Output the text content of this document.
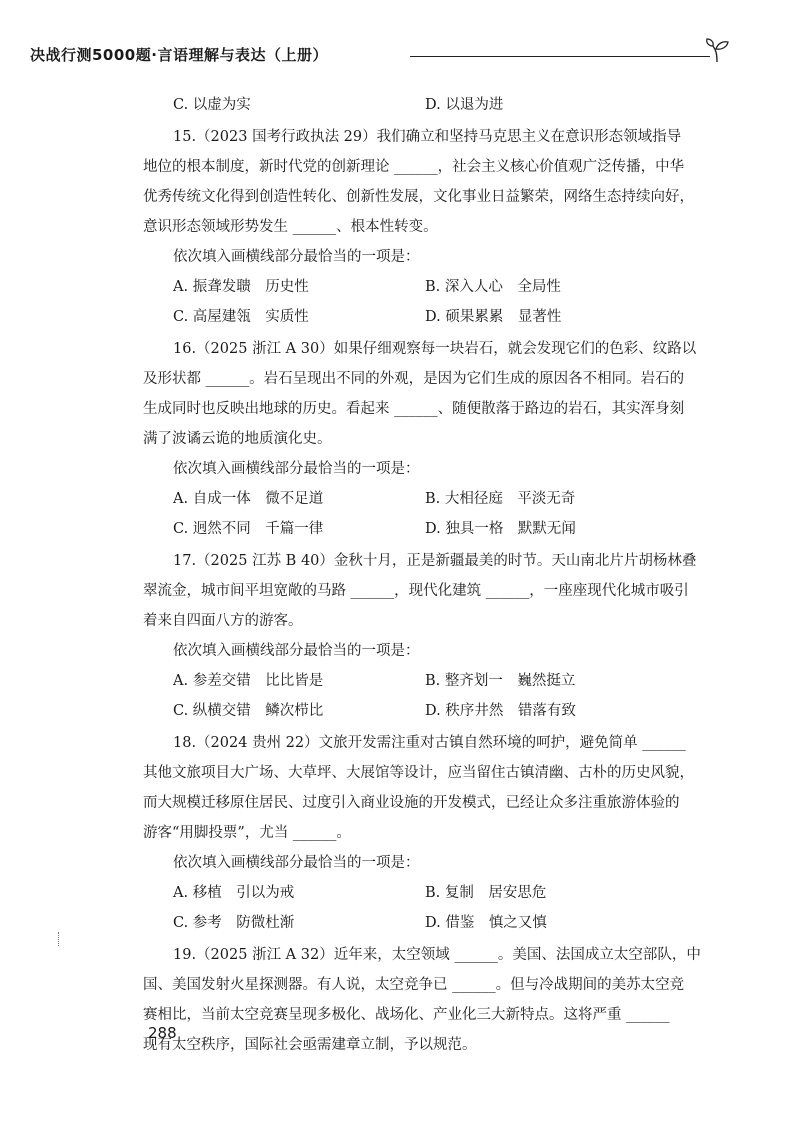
决战行测5000题·言语理解与表达（上册）
C. 以虚为实	D. 以退为进

15.（2023 国考行政执法 29）我们确立和坚持马克思主义在意识形态领域指导

地位的根本制度，新时代党的创新理论 ______，社会主义核心价值观广泛传播，中华

优秀传统文化得到创造性转化、创新性发展，文化事业日益繁荣，网络生态持续向好，

意识形态领域形势发生 ______、根本性转变。

依次填入画横线部分最恰当的一项是：
A. 振聋发聩　历史性	B. 深入人心　全局性
C. 高屋建瓴　实质性	D. 硕果累累　显著性

16.（2025 浙江 A 30）如果仔细观察每一块岩石，就会发现它们的色彩、纹路以

及形状都 ______。岩石呈现出不同的外观，是因为它们生成的原因各不相同。岩石的

生成同时也反映出地球的历史。看起来 ______、随便散落于路边的岩石，其实浑身刻

满了波谲云诡的地质演化史。

依次填入画横线部分最恰当的一项是：
A. 自成一体　微不足道	B. 大相径庭　平淡无奇
C. 迥然不同　千篇一律	D. 独具一格　默默无闻

17.（2025 江苏 B 40）金秋十月，正是新疆最美的时节。天山南北片片胡杨林叠

翠流金，城市间平坦宽敞的马路 ______，现代化建筑 ______，一座座现代化城市吸引

着来自四面八方的游客。

依次填入画横线部分最恰当的一项是：
A. 参差交错　比比皆是	B. 整齐划一　巍然挺立
C. 纵横交错　鳞次栉比	D. 秩序井然　错落有致

18.（2024 贵州 22）文旅开发需注重对古镇自然环境的呵护，避免简单 ______

其他文旅项目大广场、大草坪、大展馆等设计，应当留住古镇清幽、古朴的历史风貌，

而大规模迁移原住居民、过度引入商业设施的开发模式，已经让众多注重旅游体验的

游客“用脚投票”，尤当 ______。

依次填入画横线部分最恰当的一项是：
A. 移植　引以为戒	B. 复制　居安思危
C. 参考　防微杜渐	D. 借鉴　慎之又慎

19.（2025 浙江 A 32）近年来，太空领域 ______。美国、法国成立太空部队，中

国、美国发射火星探测器。有人说，太空竞争已 ______。但与冷战期间的美苏太空竞

赛相比，当前太空竞赛呈现多极化、战场化、产业化三大新特点。这将严重 ______

现有太空秩序，国际社会亟需建章立制，予以规范。

288
